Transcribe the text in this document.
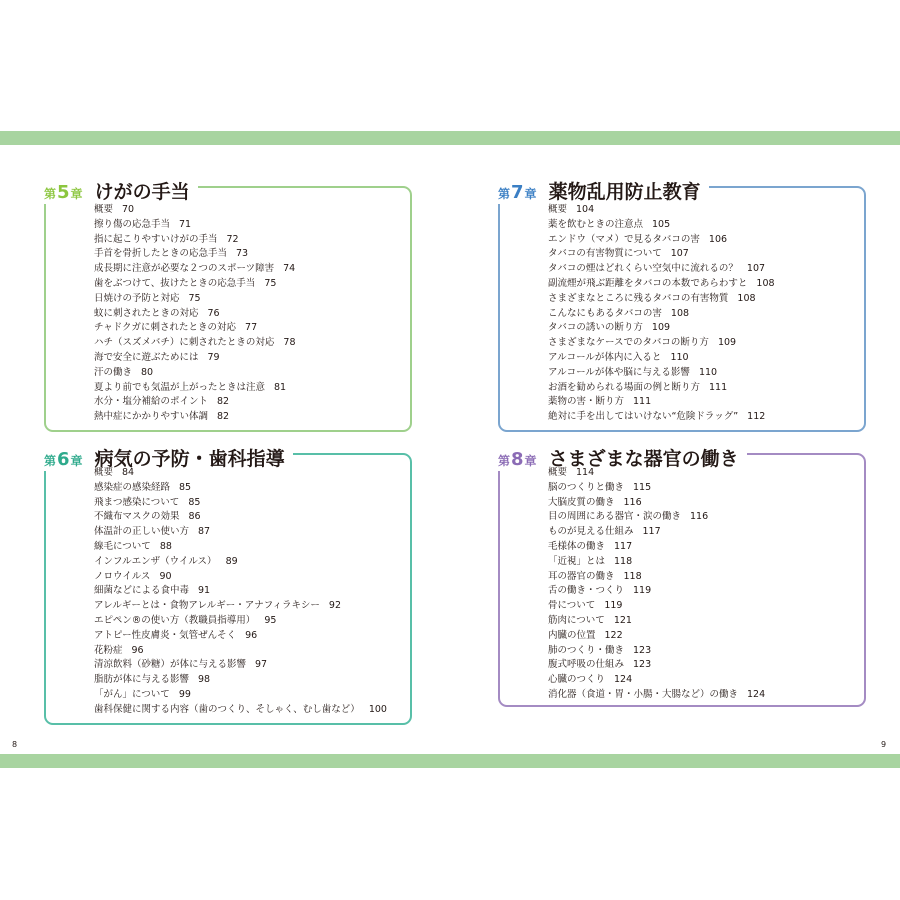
第5章 けがの手当
概要 70
擦り傷の応急手当 71
指に起こりやすいけがの手当 72
手首を骨折したときの応急手当 73
成長期に注意が必要な２つのスポーツ障害 74
歯をぶつけて、抜けたときの応急手当 75
日焼けの予防と対応 75
蚊に刺されたときの対応 76
チャドクガに刺されたときの対応 77
ハチ（スズメバチ）に刺されたときの対応 78
海で安全に遊ぶためには 79
汗の働き 80
夏より前でも気温が上がったときは注意 81
水分・塩分補給のポイント 82
熱中症にかかりやすい体調 82
第6章 病気の予防・歯科指導
概要 84
感染症の感染経路 85
飛まつ感染について 85
不織布マスクの効果 86
体温計の正しい使い方 87
線毛について 88
インフルエンザ（ウイルス） 89
ノロウイルス 90
細菌などによる食中毒 91
アレルギーとは・食物アレルギー・アナフィラキシー 92
エピペン®の使い方（教職員指導用） 95
アトピー性皮膚炎・気管ぜんそく 96
花粉症 96
清涼飲料（砂糖）が体に与える影響 97
脂肪が体に与える影響 98
「がん」について 99
歯科保健に関する内容（歯のつくり、そしゃく、むし歯など） 100
第7章 薬物乱用防止教育
概要 104
薬を飲むときの注意点 105
エンドウ（マメ）で見るタバコの害 106
タバコの有害物質について 107
タバコの煙はどれくらい空気中に流れるの？ 107
副流煙が飛ぶ距離をタバコの本数であらわすと 108
さまざまなところに残るタバコの有害物質 108
こんなにもあるタバコの害 108
タバコの誘いの断り方 109
さまざまなケースでのタバコの断り方 109
アルコールが体内に入ると 110
アルコールが体や脳に与える影響 110
お酒を勧められる場面の例と断り方 111
薬物の害・断り方 111
絶対に手を出してはいけない“危険ドラッグ” 112
第8章 さまざまな器官の働き
概要 114
脳のつくりと働き 115
大脳皮質の働き 116
目の周囲にある器官・涙の働き 116
ものが見える仕組み 117
毛様体の働き 117
「近視」とは 118
耳の器官の働き 118
舌の働き・つくり 119
骨について 119
筋肉について 121
内臓の位置 122
肺のつくり・働き 123
腹式呼吸の仕組み 123
心臓のつくり 124
消化器（食道・胃・小腸・大腸など）の働き 124
8	9
